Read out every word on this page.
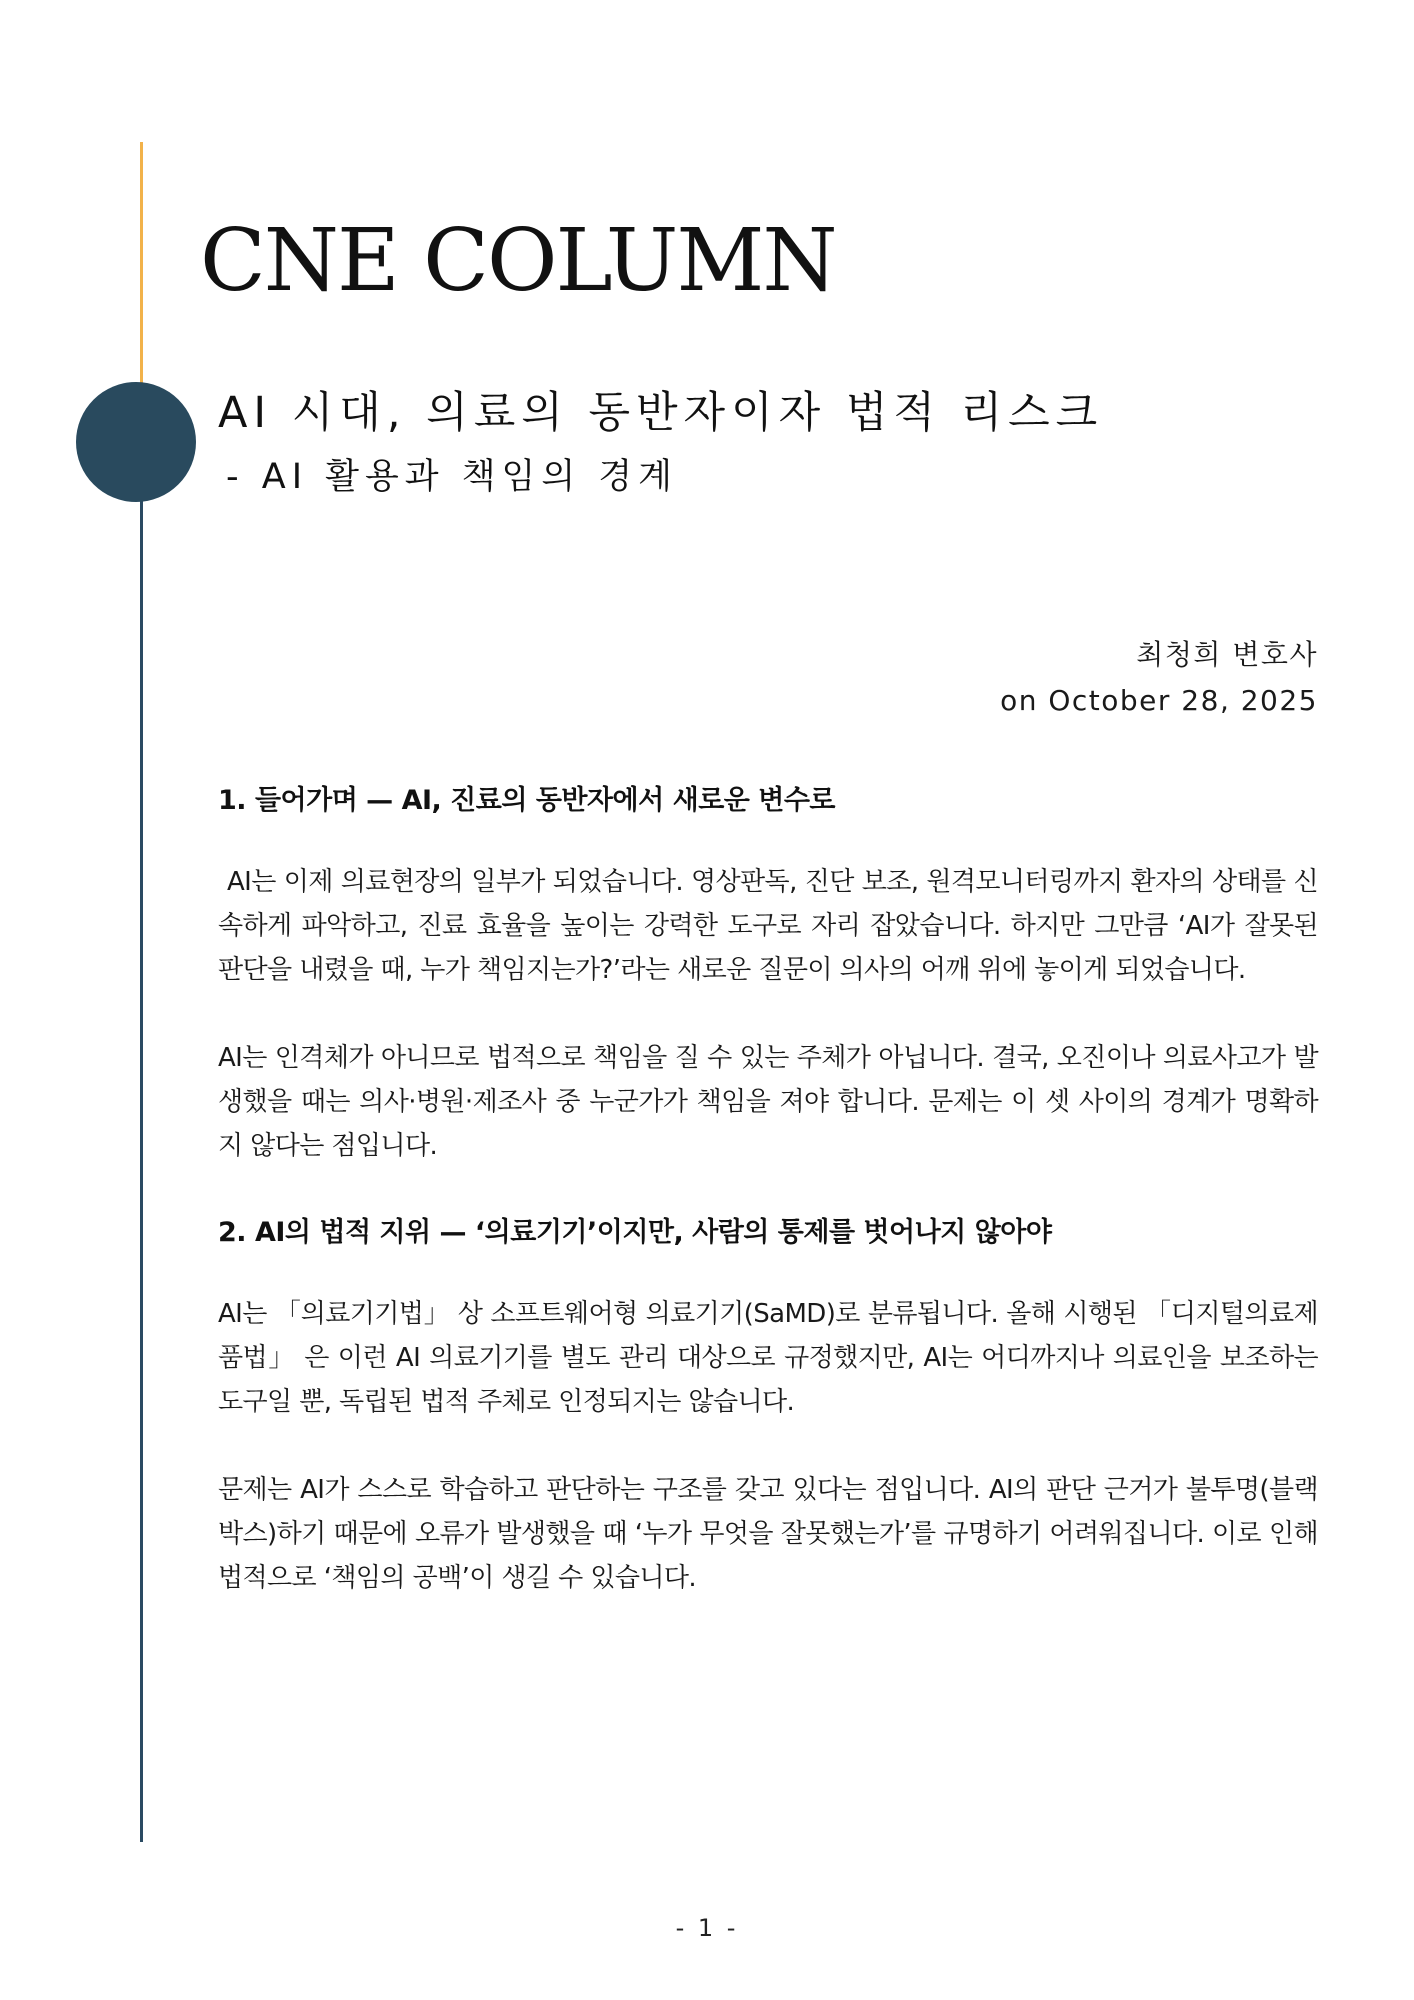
CNE COLUMN
AI 시대, 의료의 동반자이자 법적 리스크
- AI 활용과 책임의 경계
최청희 변호사
on October 28, 2025
1. 들어가며 — AI, 진료의 동반자에서 새로운 변수로

AI는 이제 의료현장의 일부가 되었습니다. 영상판독, 진단 보조, 원격모니터링까지 환자의 상태를 신속하게 파악하고, 진료 효율을 높이는 강력한 도구로 자리 잡았습니다. 하지만 그만큼 ‘AI가 잘못된 판단을 내렸을 때, 누가 책임지는가?’라는 새로운 질문이 의사의 어깨 위에 놓이게 되었습니다.

AI는 인격체가 아니므로 법적으로 책임을 질 수 있는 주체가 아닙니다. 결국, 오진이나 의료사고가 발생했을 때는 의사·병원·제조사 중 누군가가 책임을 져야 합니다. 문제는 이 셋 사이의 경계가 명확하지 않다는 점입니다.

2. AI의 법적 지위 — ‘의료기기’이지만, 사람의 통제를 벗어나지 않아야

AI는 「의료기기법」 상 소프트웨어형 의료기기(SaMD)로 분류됩니다. 올해 시행된 「디지털의료제품법」 은 이런 AI 의료기기를 별도 관리 대상으로 규정했지만, AI는 어디까지나 의료인을 보조하는 도구일 뿐, 독립된 법적 주체로 인정되지는 않습니다.

문제는 AI가 스스로 학습하고 판단하는 구조를 갖고 있다는 점입니다. AI의 판단 근거가 불투명(블랙박스)하기 때문에 오류가 발생했을 때 ‘누가 무엇을 잘못했는가’를 규명하기 어려워집니다. 이로 인해 법적으로 ‘책임의 공백’이 생길 수 있습니다.

- 1 -
